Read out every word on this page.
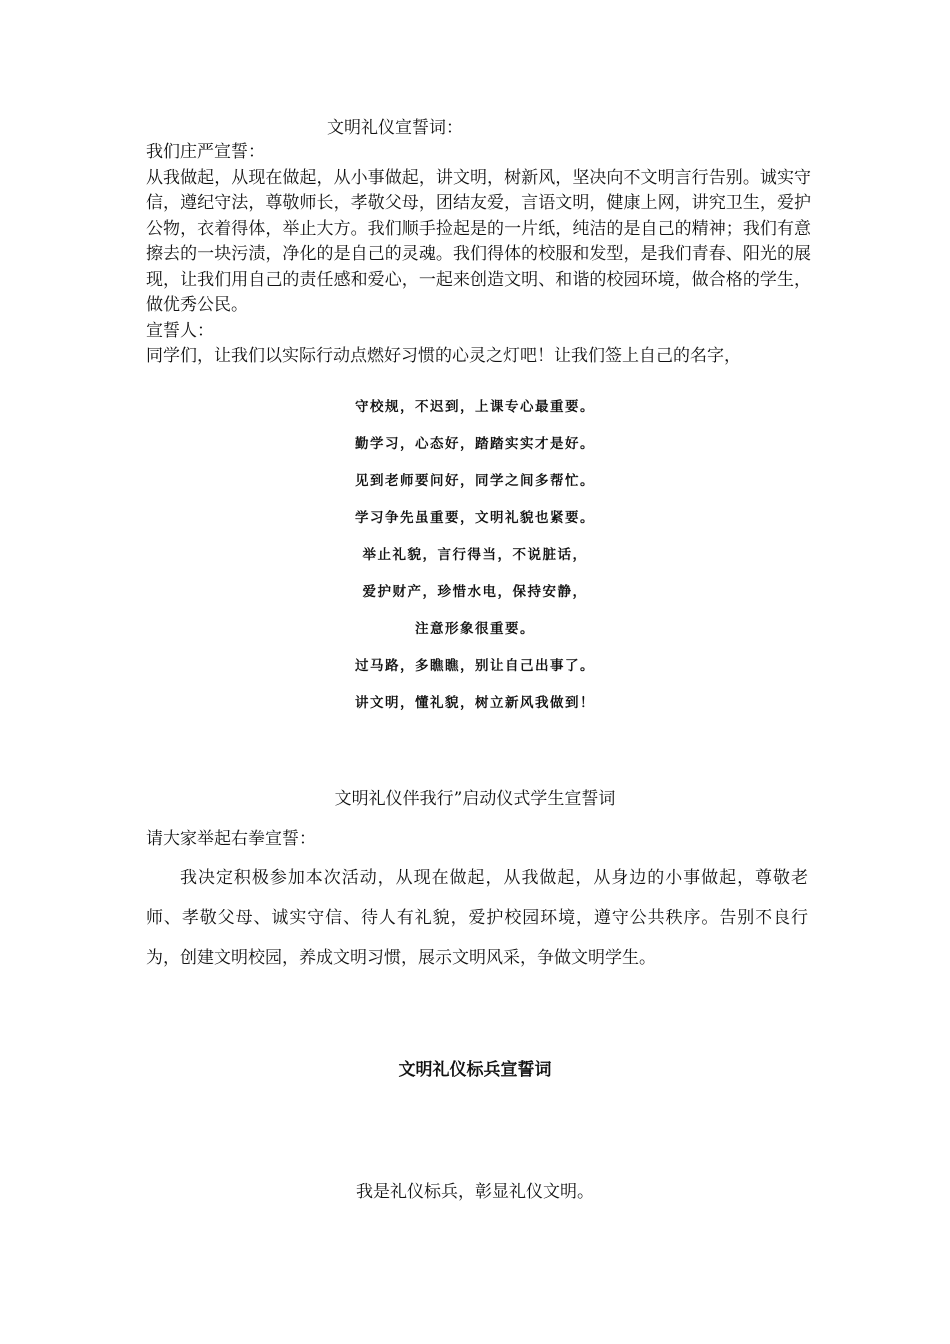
文明礼仪宣誓词：

我们庄严宣誓：

从我做起，从现在做起，从小事做起，讲文明，树新风，坚决向不文明言行告别。诚实守信，遵纪守法，尊敬师长，孝敬父母，团结友爱，言语文明，健康上网，讲究卫生，爱护公物，衣着得体，举止大方。我们顺手捡起是的一片纸，纯洁的是自己的精神；我们有意擦去的一块污渍，净化的是自己的灵魂。我们得体的校服和发型，是我们青春、阳光的展现，让我们用自己的责任感和爱心，一起来创造文明、和谐的校园环境，做合格的学生，做优秀公民。

宣誓人：

同学们，让我们以实际行动点燃好习惯的心灵之灯吧！让我们签上自己的名字，

守校规，不迟到，上课专心最重要。
勤学习，心态好，踏踏实实才是好。
见到老师要问好，同学之间多帮忙。
学习争先虽重要，文明礼貌也紧要。
举止礼貌，言行得当，不说脏话，
爱护财产，珍惜水电，保持安静，
注意形象很重要。
过马路，多瞧瞧，别让自己出事了。
讲文明，懂礼貌，树立新风我做到！
文明礼仪伴我行”启动仪式学生宣誓词
请大家举起右拳宣誓：

我决定积极参加本次活动，从现在做起，从我做起，从身边的小事做起，尊敬老师、孝敬父母、诚实守信、待人有礼貌，爱护校园环境，遵守公共秩序。告别不良行为，创建文明校园，养成文明习惯，展示文明风采，争做文明学生。

文明礼仪标兵宣誓词
我是礼仪标兵，彰显礼仪文明。
